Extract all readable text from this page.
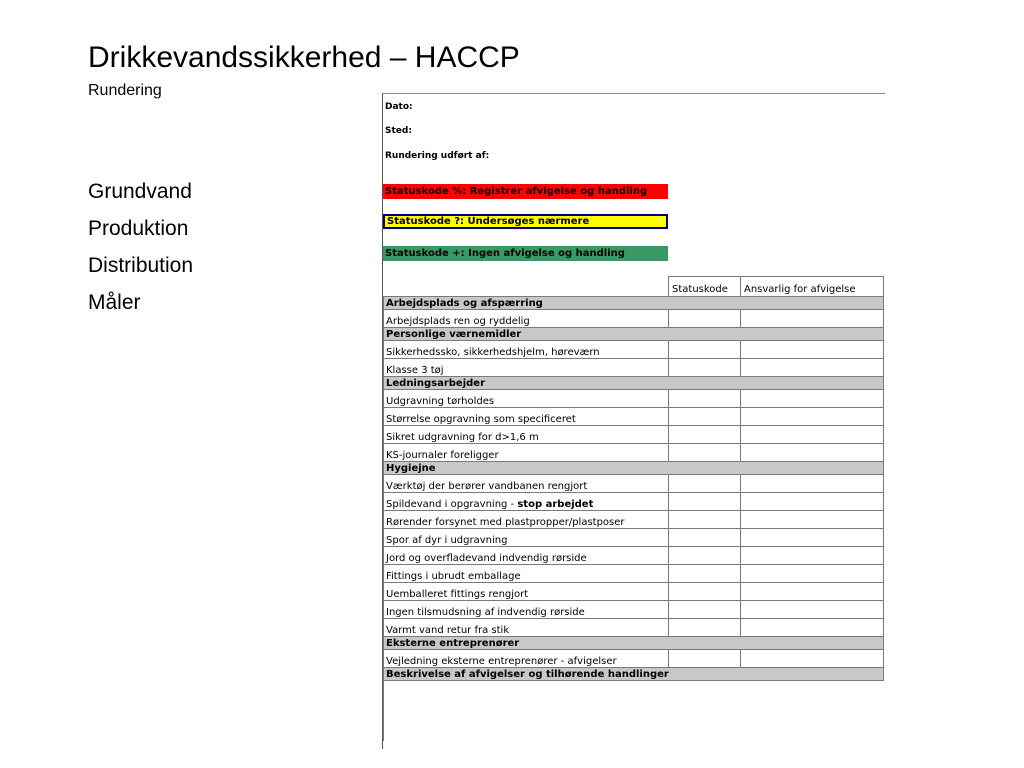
Drikkevandssikkerhed – HACCP
Rundering
Grundvand
Produktion
Distribution
Måler
Dato:
Sted:
Rundering udført af:
Statuskode %: Registrer afvigelse og handling
Statuskode ?: Undersøges nærmere
Statuskode +: Ingen afvigelse og handling
	Statuskode	Ansvarlig for afvigelse
Arbejdsplads og afspærring		
Arbejdsplads ren og ryddelig		
Personlige værnemidler		
Sikkerhedssko, sikkerhedshjelm, høreværn		
Klasse 3 tøj		
Ledningsarbejder		
Udgravning tørholdes		
Størrelse opgravning som specificeret		
Sikret udgravning for d>1,6 m		
KS-journaler foreligger		
Hygiejne		
Værktøj der berører vandbanen rengjort		
Spildevand i opgravning - stop arbejdet		
Rørender forsynet med plastpropper/plastposer		
Spor af dyr i udgravning		
Jord og overfladevand indvendig rørside		
Fittings i ubrudt emballage		
Uemballeret fittings rengjort		
Ingen tilsmudsning af indvendig rørside		
Varmt vand retur fra stik		
Eksterne entreprenører		
Vejledning eksterne entreprenører - afvigelser		
Beskrivelse af afvigelser og tilhørende handlinger		
